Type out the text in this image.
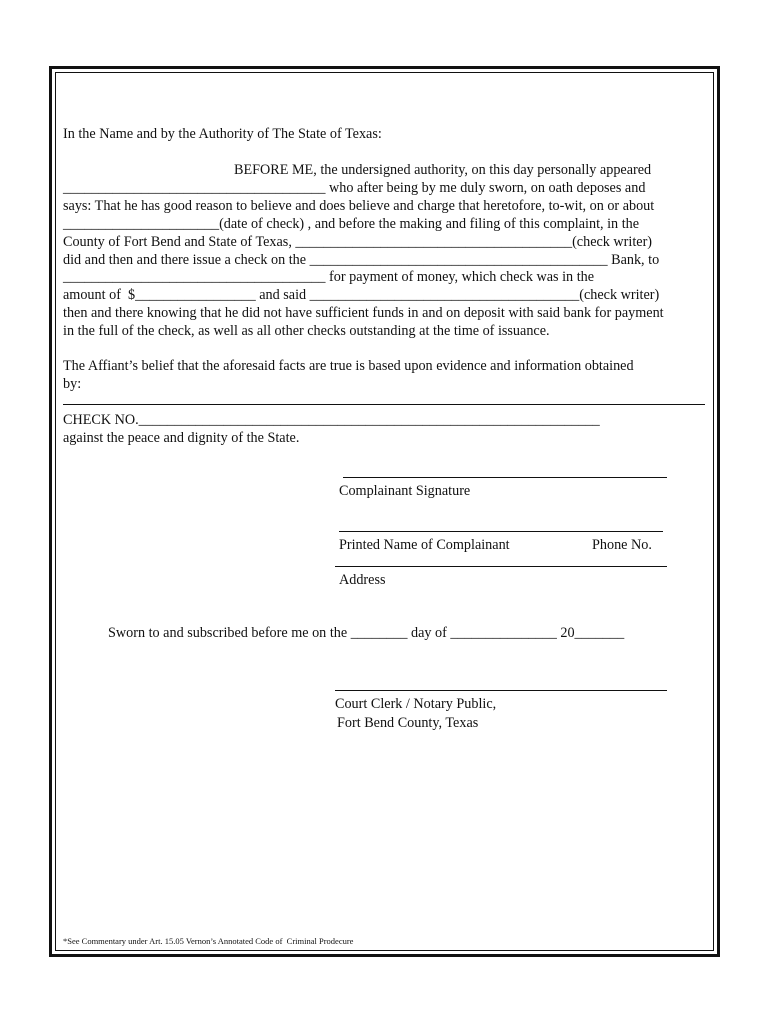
In the Name and by the Authority of The State of Texas:
BEFORE ME, the undersigned authority, on this day personally appeared
_____________________________________ who after being by me duly sworn, on oath deposes and
says: That he has good reason to believe and does believe and charge that heretofore, to-wit, on or about
______________________(date of check) , and before the making and filing of this complaint, in the
County of Fort Bend and State of Texas, _______________________________________(check writer)
did and then and there issue a check on the __________________________________________ Bank, to
_____________________________________ for payment of money, which check was in the
amount of  $_________________ and said ______________________________________(check writer)
then and there knowing that he did not have sufficient funds in and on deposit with said bank for payment
in the full of the check, as well as all other checks outstanding at the time of issuance.
The Affiant’s belief that the aforesaid facts are true is based upon evidence and information obtained
by:
CHECK NO._________________________________________________________________
against the peace and dignity of the State.
Complainant Signature
Printed Name of Complainant	Phone No.
Address
Sworn to and subscribed before me on the ________ day of _______________ 20_______
Court Clerk / Notary Public,
Fort Bend County, Texas
*See Commentary under Art. 15.05 Vernon’s Annotated Code of  Criminal Prodecure
